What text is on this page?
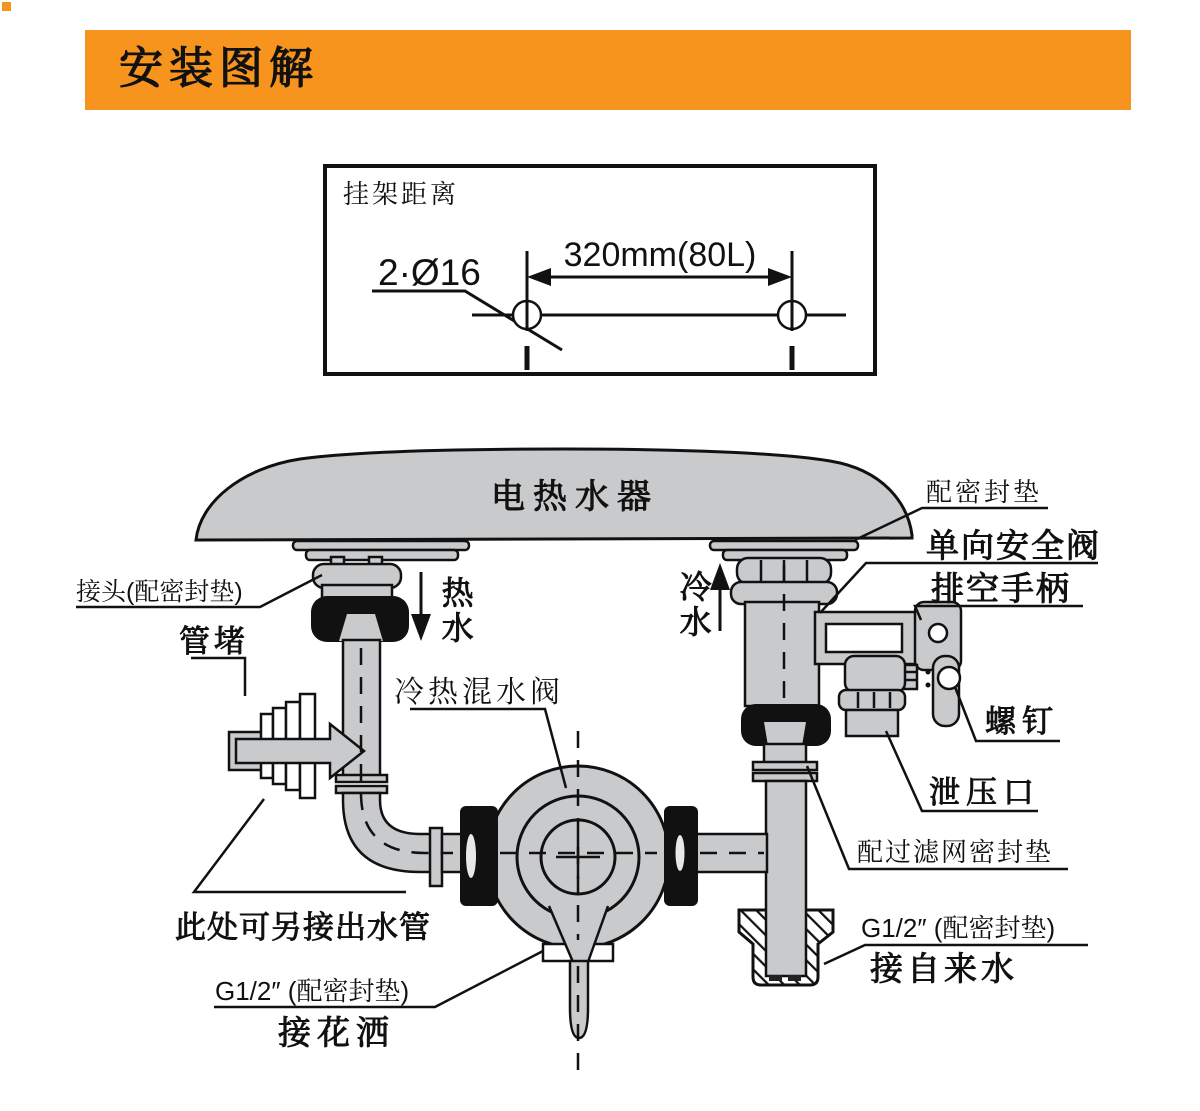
安装图解
挂架距离
2·Ø16 320mm(80L)
电热水器	配密封垫
单向安全阀
排空手柄
接头(配密封垫)
管堵
冷热混水阀
螺钉
泄压口
配过滤网密封垫
G1/2″ (配密封垫)
接自来水
此处可另接出水管
G1/2″ (配密封垫)
接花洒
热水	冷水
